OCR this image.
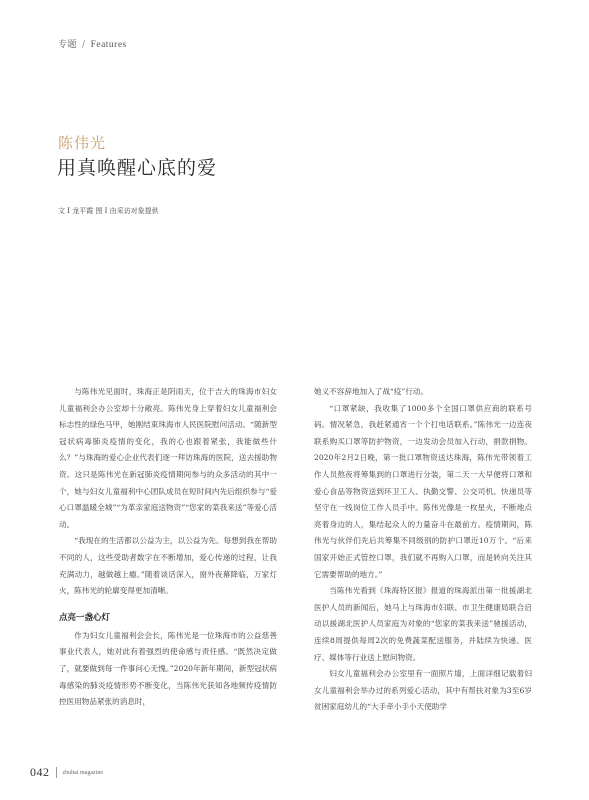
专题 / Features
陈伟光
用真唤醒心底的爱
文 I 龙平霞 图 I 由采访对象提供

与陈伟光见面时，珠海正是阴雨天，位于吉大的珠海市妇女儿童福利会办公室却十分敞亮。陈伟光身上穿着妇女儿童福利会标志性的绿色马甲，她刚结束珠海市人民医院慰问活动。“随新型冠状病毒肺炎疫情的变化，我的心也跟着紧张，我能做些什么？”与珠海的爱心企业代表们逐一拜访珠海的医院，送去援助物资。这只是陈伟光在新冠肺炎疫情期间参与的众多活动的其中一个，她与妇女儿童福利中心团队成员在短时间内先后组织参与“爱心口罩温暖全城”“为革亲家庭送物资”“您家的菜我来送”等爱心活动。

“我现在的生活都以公益为主，以公益为先。每想到我在帮助不同的人，这些受助者数字在不断增加，爱心传递的过程，让我充满动力，越做越上瘾。”随着谈话深入，窗外夜幕降临，万家灯火，陈伟光的轮廓变得更加清晰。

点亮一盏心灯

作为妇女儿童福利会会长，陈伟光是一位珠海市的公益慈善事业代表人，她对此有着强烈的使命感与责任感。“既然决定做了，就要做到每一件事问心无愧。”2020年新年期间，新型冠状病毒感染的肺炎疫情形势不断变化，当陈伟光获知各地频传疫情防控医用物品紧张的消息时，

她义不容辞地加入了战“疫”行动。

“口罩紧缺，我收集了1000多个全国口罩供应商的联系号码。情况紧急，我赶紧通宵一个个打电话联系。”陈伟光一边连夜联系购买口罩等防护物资，一边发动会员加入行动，捐款捐物。2020年2月2日晚，第一批口罩物资送达珠海，陈伟光带领着工作人员熬夜将筹集到的口罩进行分装，第二天一大早便将口罩和爱心食品等物资送到环卫工人、执勤交警、公交司机、快递员等坚守在一线岗位工作人员手中。陈伟光像是一枚星火，不断地点亮着身边的人，集结起众人的力量奋斗在最前方。疫情期间，陈伟光与伙伴们先后共筹集不同级别的防护口罩近10万个。“后来国家开始正式管控口罩，我们就不再购入口罩，而是转向关注其它需要帮助的地方。”

当陈伟光看到《珠海特区报》报道的珠海派出第一批援湖北医护人员的新闻后，她马上与珠海市妇联、市卫生健康局联合启动以援湖北医护人员家庭为对象的“您家的菜我来送”驰援活动，连续8周提供每周2次的免费蔬菜配送服务，并陆续为快递、医疗、媒体等行业送上慰问物资。

妇女儿童福利会办公室里有一面照片墙，上面详细记载着妇女儿童福利会举办过的系列爱心活动，其中有帮扶对象为3至6岁贫困家庭幼儿的“大手牵小手小天使助学

042 zhuhai magazine
